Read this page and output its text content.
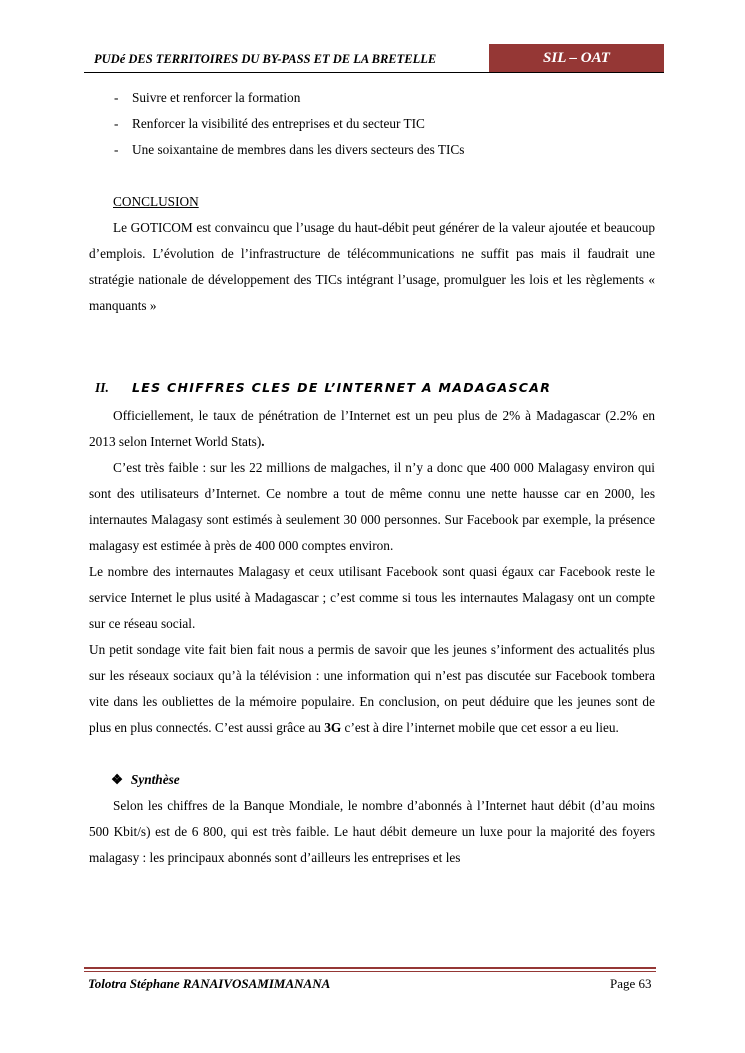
PUDé DES TERRITOIRES DU BY-PASS ET DE LA BRETELLE	SIL – OAT
- Suivre et renforcer la formation
- Renforcer la visibilité des entreprises et du secteur TIC
- Une soixantaine de membres dans les divers secteurs des TICs
CONCLUSION

Le GOTICOM est convaincu que l’usage du haut-débit peut générer de la valeur ajoutée et beaucoup d’emplois. L’évolution de l’infrastructure de télécommunications ne suffit pas mais il faudrait une stratégie nationale de développement des TICs intégrant l’usage, promulguer les lois et les règlements « manquants »

II. LES CHIFFRES CLES DE L’INTERNET A MADAGASCAR

Officiellement, le taux de pénétration de l’Internet est un peu plus de 2% à Madagascar (2.2% en 2013 selon Internet World Stats).

C’est très faible : sur les 22 millions de malgaches, il n’y a donc que 400 000 Malagasy environ qui sont des utilisateurs d’Internet. Ce nombre a tout de même connu une nette hausse car en 2000, les internautes Malagasy sont estimés à seulement 30 000 personnes. Sur Facebook par exemple, la présence malagasy est estimée à près de 400 000 comptes environ.

Le nombre des internautes Malagasy et ceux utilisant Facebook sont quasi égaux car Facebook reste le service Internet le plus usité à Madagascar ; c’est comme si tous les internautes Malagasy ont un compte sur ce réseau social.

Un petit sondage vite fait bien fait nous a permis de savoir que les jeunes s’informent des actualités plus sur les réseaux sociaux qu’à la télévision : une information qui n’est pas discutée sur Facebook tombera vite dans les oubliettes de la mémoire populaire. En conclusion, on peut déduire que les jeunes sont de plus en plus connectés. C’est aussi grâce au 3G c’est à dire l’internet mobile que cet essor a eu lieu.

❖ Synthèse

Selon les chiffres de la Banque Mondiale, le nombre d’abonnés à l’Internet haut débit (d’au moins 500 Kbit/s) est de 6 800, qui est très faible. Le haut débit demeure un luxe pour la majorité des foyers malagasy : les principaux abonnés sont d’ailleurs les entreprises et les

Tolotra Stéphane RANAIVOSAMIMANANA	Page 63
